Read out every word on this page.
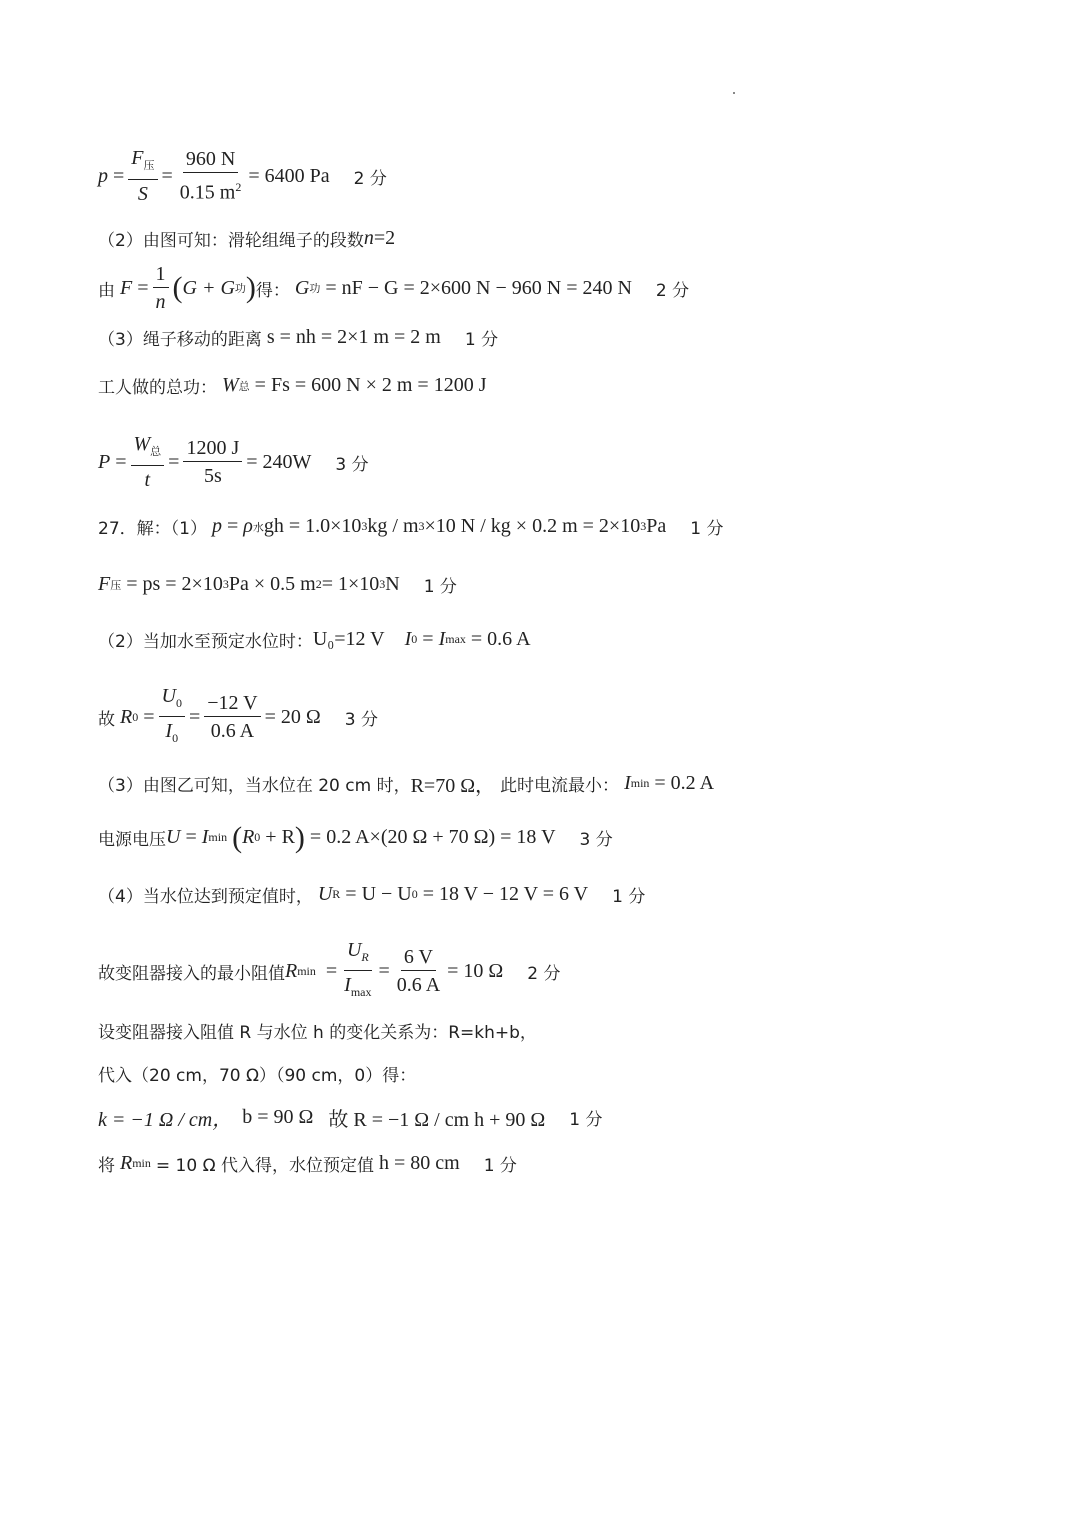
$p = \frac{F_压}{S} = \frac{960 N}{0.15 m^2} = 6400$ Pa 2 分
（2）由图可知：滑轮组绳子的段数 n =2
由
$F = \frac{1}{n}$ ( G + G 功 ) 得：
G 功
= nF − G = 2×600 N − 960 N = 240 N 2 分
（3）绳子移动的距离
s = nh = 2×1 m = 2 m 1 分
工人做的总功：
W 总
= Fs = 600 N × 2 m = 1200 J
$P = \frac{W_总}{t} = \frac{1200 J}{5s} = 240W$ 3 分
27．解：（1）
p = ρ 水 gh = 1.0×10 3 kg / m 3 ×10 N / kg × 0.2 m = 2×10 3 Pa 1 分
F 压
= ps = 2×10 3 Pa × 0.5 m 2 = 1×10 3 N 1 分
（2）当加水至预定水位时： U₀=12 V
I 0 = I max
= 0.6 A
故
R $0 = \frac{U_0}{I_0} = \frac{-12 V}{0.6 A} = 20$ Ω 3 分
（3）由图乙可知，当水位在 20 cm 时， R=70 Ω，
此时电流最小：
I min
= 0.2 A
电源电压 U = I min
( R 0
+ R )
= 0.2 A×(20 Ω + 70 Ω) = 18 V 3 分
（4）当水位达到预定值时，
U R
= U − U 0
= 18 V − 12 V = 6 V 1 分
故变阻器接入的最小阻值 R $\min = \frac{U_R}{I_{max}} = \frac{6 V}{0.6 A} = 10$ Ω 2 分
设变阻器接入阻值 R 与水位 h 的变化关系为：R=kh+b，
代入（20 cm，70 Ω）（90 cm，0）得：
k = −1 Ω / cm，
b = 90 Ω
故 R = −1 Ω / cm h + 90 Ω 1 分
将
R min
= 10 Ω 代入得，水位预定值
h = 80 cm 1 分
